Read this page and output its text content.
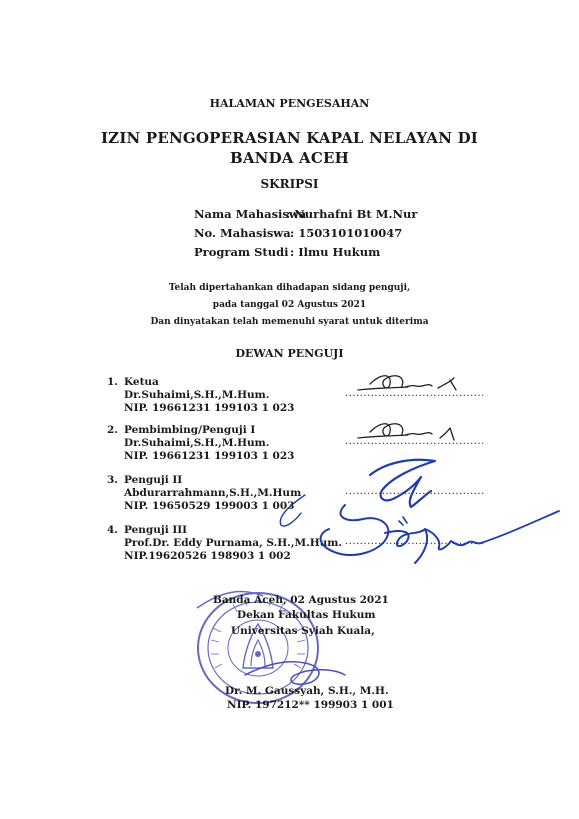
HALAMAN PENGESAHAN
IZIN PENGOPERASIAN KAPAL NELAYAN DI
BANDA ACEH
SKRIPSI
Nama Mahasiswa
: Nurhafni Bt M.Nur
No. Mahasiswa : 1503101010047
Program Studi : Ilmu Hukum
Telah dipertahankan dihadapan sidang penguji,
pada tanggal 02 Agustus 2021
Dan dinyatakan telah memenuhi syarat untuk diterima
DEWAN PENGUJI
1. Ketua
Dr.Suhaimi,S.H.,M.Hum.
NIP. 19661231 199103 1 023
......................................
2. Pembimbing/Penguji I
Dr.Suhaimi,S.H.,M.Hum.
NIP. 19661231 199103 1 023
......................................
3. Penguji II
Abdurarrahmann,S.H.,M.Hum
NIP. 19650529 199003 1 003
......................................
4. Penguji III
Prof.Dr. Eddy Purnama, S.H.,M.Hum.
NIP.19620526 198903 1 002
......................................
Banda Aceh, 02 Agustus 2021
Dekan Fakultas Hukum
Universitas Syiah Kuala,
Dr. M. Gaussyah, S.H., M.H.
NIP. 197212** 199903 1 001
